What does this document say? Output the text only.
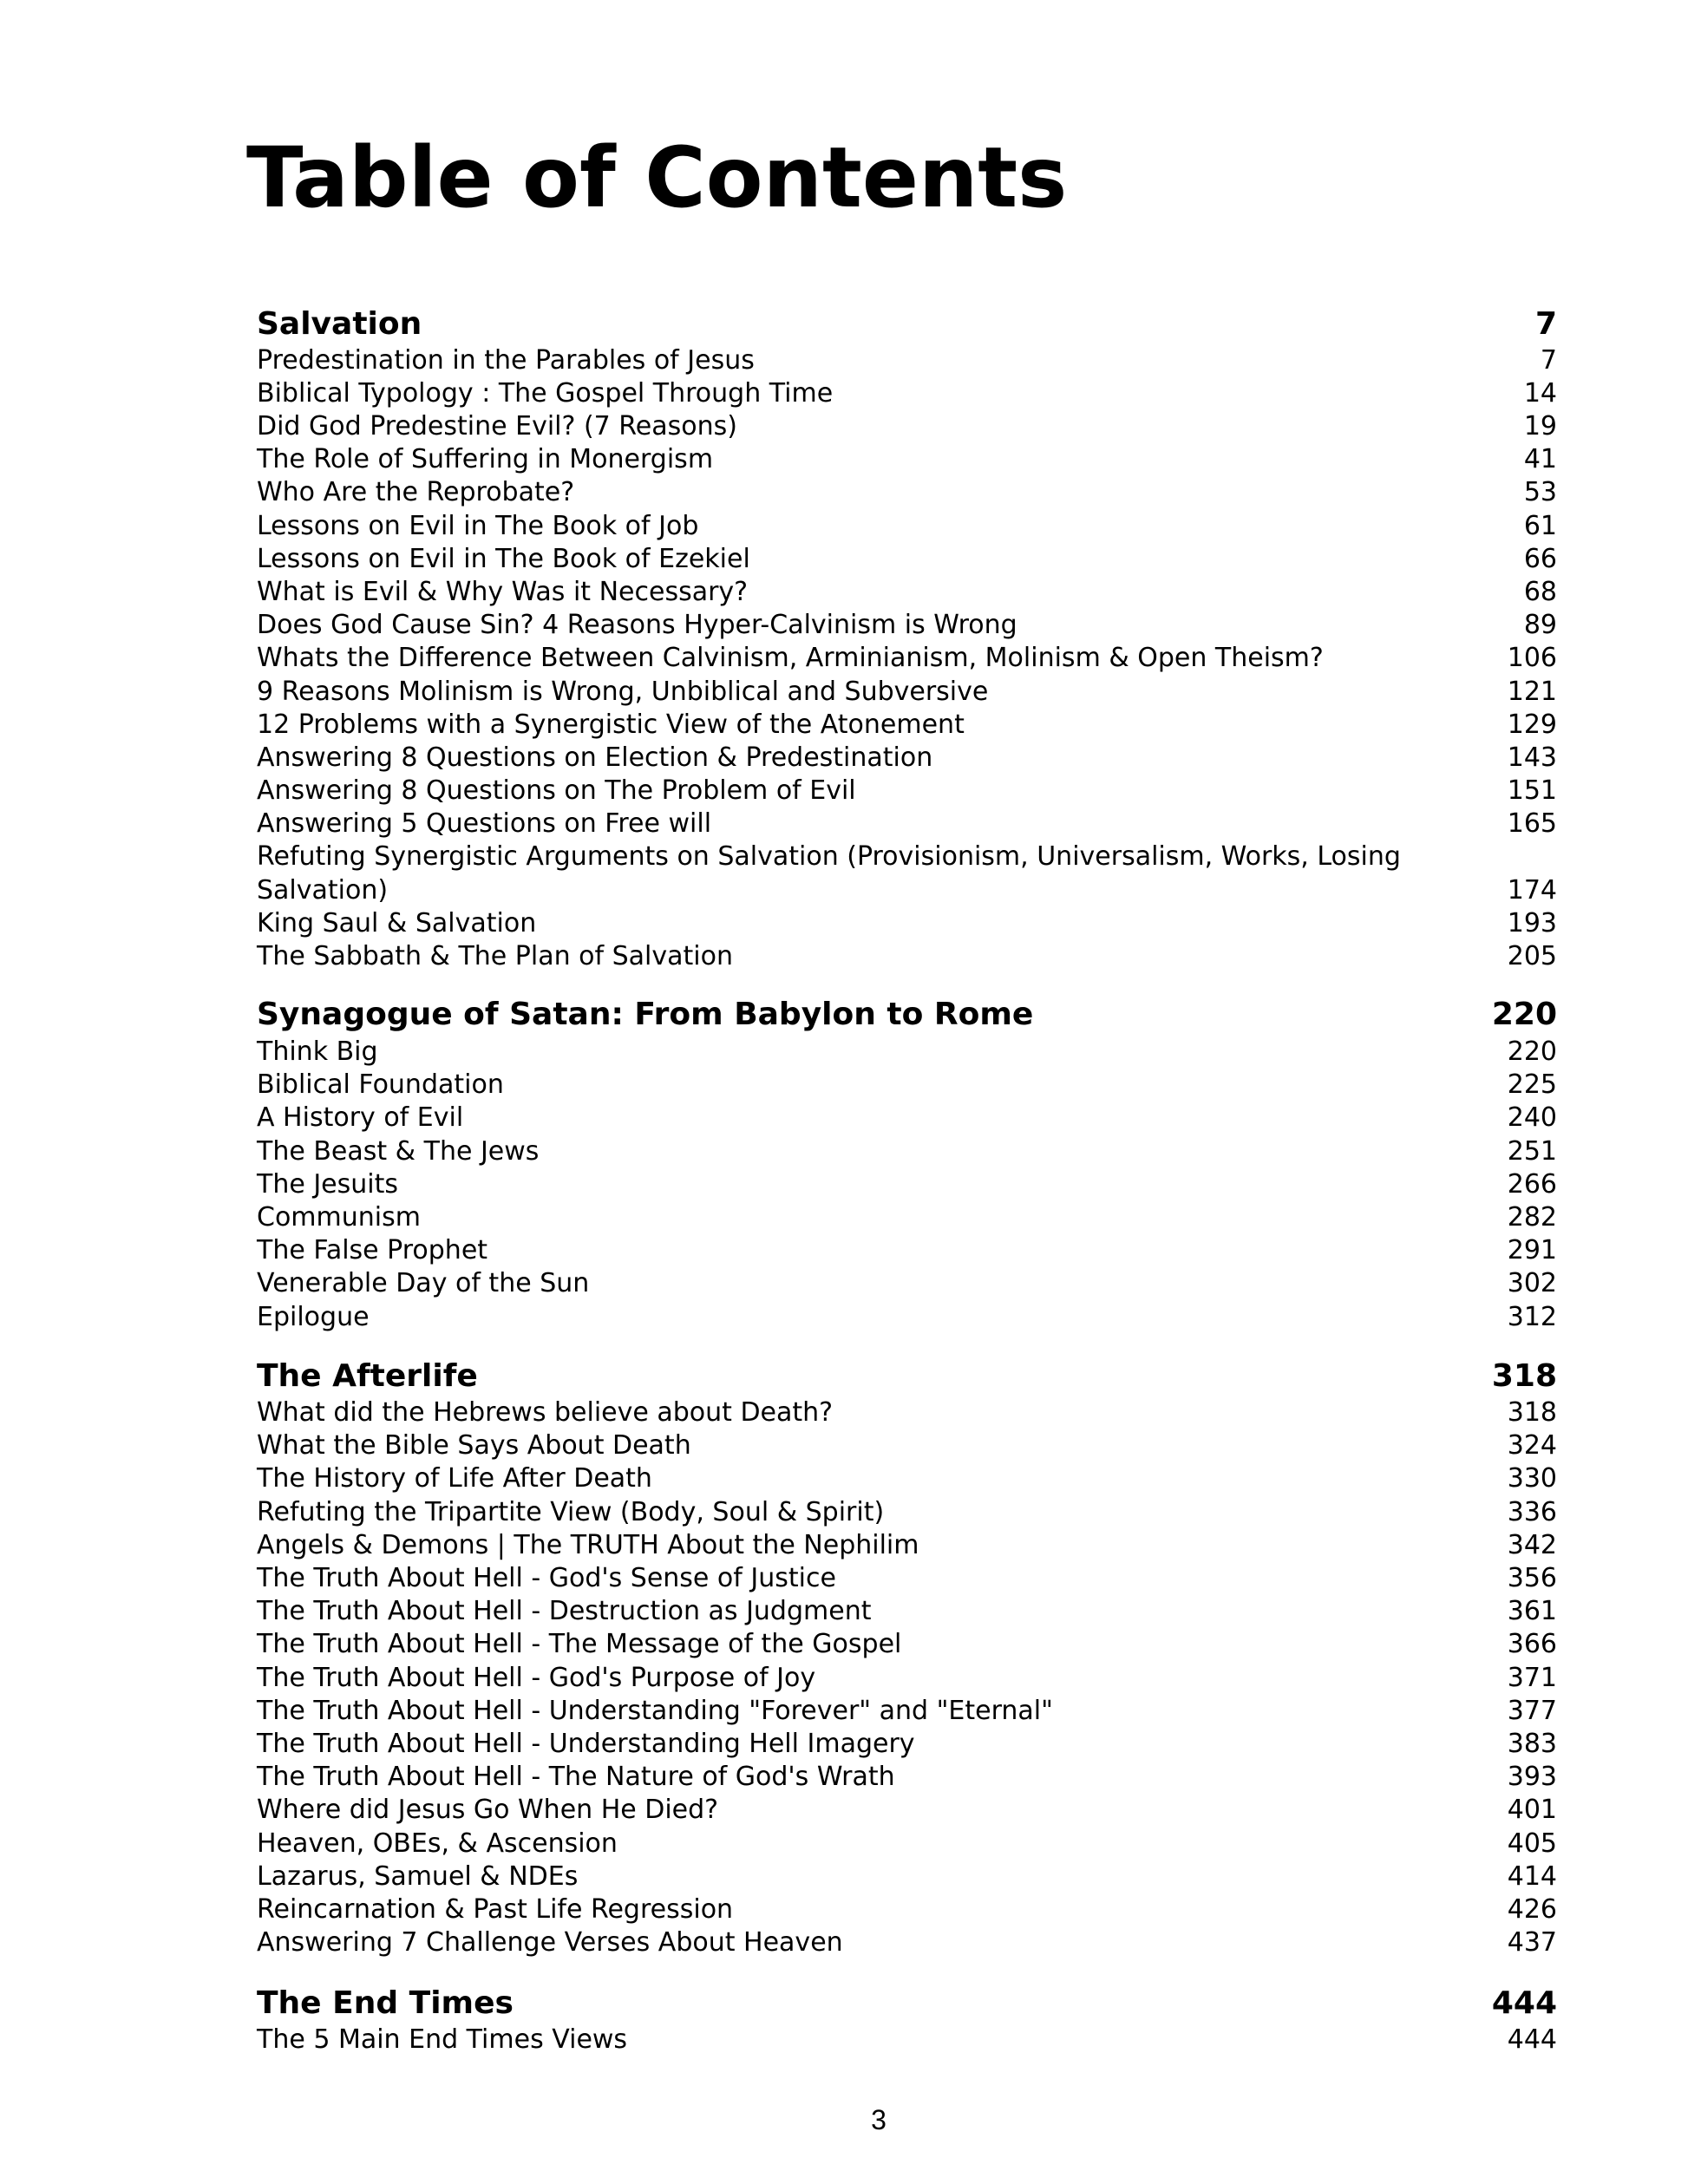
Table of Contents
Salvation	7
Predestination in the Parables of Jesus	7
Biblical Typology : The Gospel Through Time	14
Did God Predestine Evil? (7 Reasons)	19
The Role of Suffering in Monergism	41
Who Are the Reprobate?	53
Lessons on Evil in The Book of Job	61
Lessons on Evil in The Book of Ezekiel	66
What is Evil & Why Was it Necessary?	68
Does God Cause Sin? 4 Reasons Hyper-Calvinism is Wrong	89
Whats the Difference Between Calvinism, Arminianism, Molinism & Open Theism?	106
9 Reasons Molinism is Wrong, Unbiblical and Subversive	121
12 Problems with a Synergistic View of the Atonement	129
Answering 8 Questions on Election & Predestination	143
Answering 8 Questions on The Problem of Evil	151
Answering 5 Questions on Free will	165
Refuting Synergistic Arguments on Salvation (Provisionism, Universalism, Works, Losing
Salvation)	174
King Saul & Salvation	193
The Sabbath & The Plan of Salvation	205
Synagogue of Satan: From Babylon to Rome	220
Think Big	220
Biblical Foundation	225
A History of Evil	240
The Beast & The Jews	251
The Jesuits	266
Communism	282
The False Prophet	291
Venerable Day of the Sun	302
Epilogue	312
The Afterlife	318
What did the Hebrews believe about Death?	318
What the Bible Says About Death	324
The History of Life After Death	330
Refuting the Tripartite View (Body, Soul & Spirit)	336
Angels & Demons | The TRUTH About the Nephilim	342
The Truth About Hell - God's Sense of Justice	356
The Truth About Hell - Destruction as Judgment	361
The Truth About Hell - The Message of the Gospel	366
The Truth About Hell - God's Purpose of Joy	371
The Truth About Hell - Understanding "Forever" and "Eternal"	377
The Truth About Hell - Understanding Hell Imagery	383
The Truth About Hell - The Nature of God's Wrath	393
Where did Jesus Go When He Died?	401
Heaven, OBEs, & Ascension	405
Lazarus, Samuel & NDEs	414
Reincarnation & Past Life Regression	426
Answering 7 Challenge Verses About Heaven	437
The End Times	444
The 5 Main End Times Views	444
3
